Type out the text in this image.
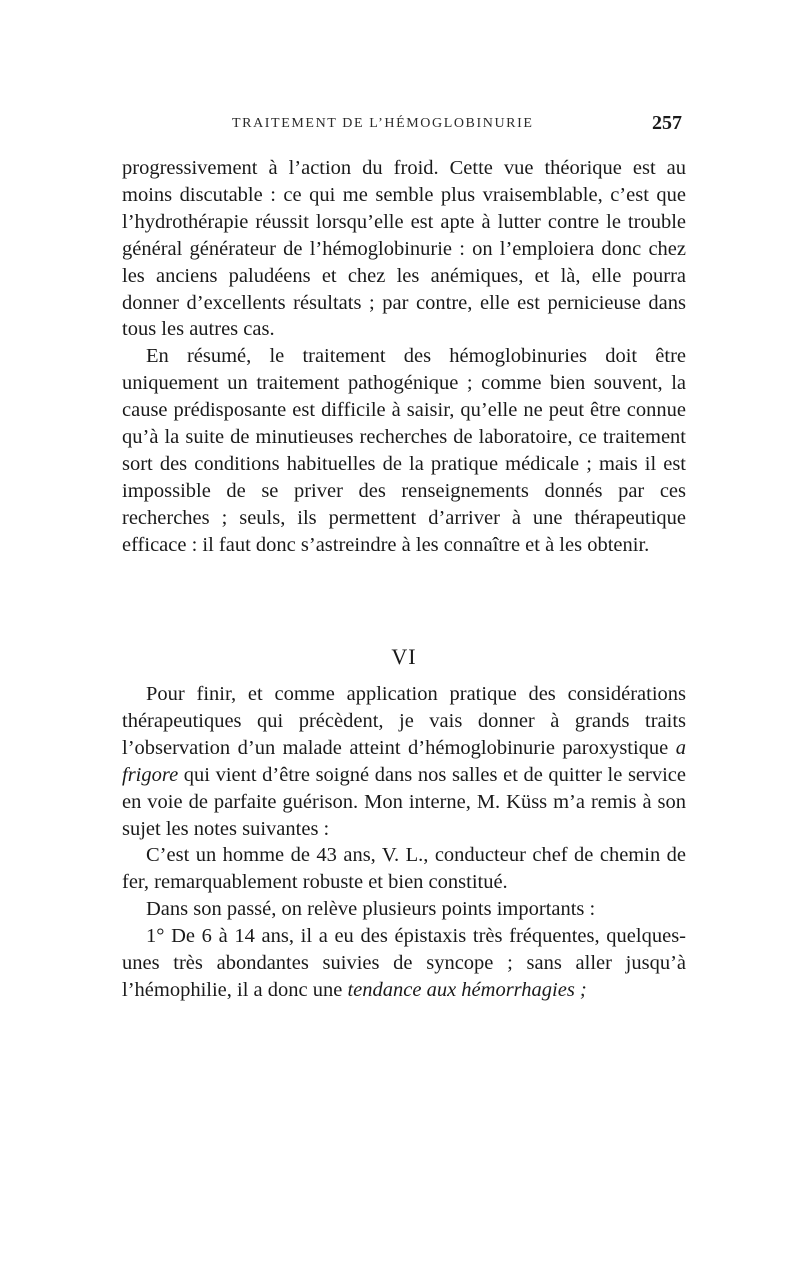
TRAITEMENT DE L’HÉMOGLOBINURIE	257

progressivement à l’action du froid. Cette vue théorique est au moins discutable : ce qui me semble plus vraisemblable, c’est que l’hydrothérapie réussit lorsqu’elle est apte à lutter contre le trouble général générateur de l’hémoglobinurie : on l’emploiera donc chez les anciens paludéens et chez les anémiques, et là, elle pourra donner d’excellents résultats ; par contre, elle est pernicieuse dans tous les autres cas.

En résumé, le traitement des hémoglobinuries doit être uniquement un traitement pathogénique ; comme bien souvent, la cause prédisposante est difficile à saisir, qu’elle ne peut être connue qu’à la suite de minutieuses recherches de laboratoire, ce traitement sort des conditions habituelles de la pratique médicale ; mais il est impossible de se priver des renseignements donnés par ces recherches ; seuls, ils permettent d’arriver à une thérapeutique efficace : il faut donc s’astreindre à les connaître et à les obtenir.

VI

Pour finir, et comme application pratique des considérations thérapeutiques qui précèdent, je vais donner à grands traits l’observation d’un malade atteint d’hémoglobinurie paroxystique a frigore qui vient d’être soigné dans nos salles et de quitter le service en voie de parfaite guérison. Mon interne, M. Küss m’a remis à son sujet les notes suivantes :

C’est un homme de 43 ans, V. L., conducteur chef de chemin de fer, remarquablement robuste et bien constitué.

Dans son passé, on relève plusieurs points importants :

1° De 6 à 14 ans, il a eu des épistaxis très fréquentes, quelques-unes très abondantes suivies de syncope ; sans aller jusqu’à l’hémophilie, il a donc une tendance aux hémorrhagies ;
